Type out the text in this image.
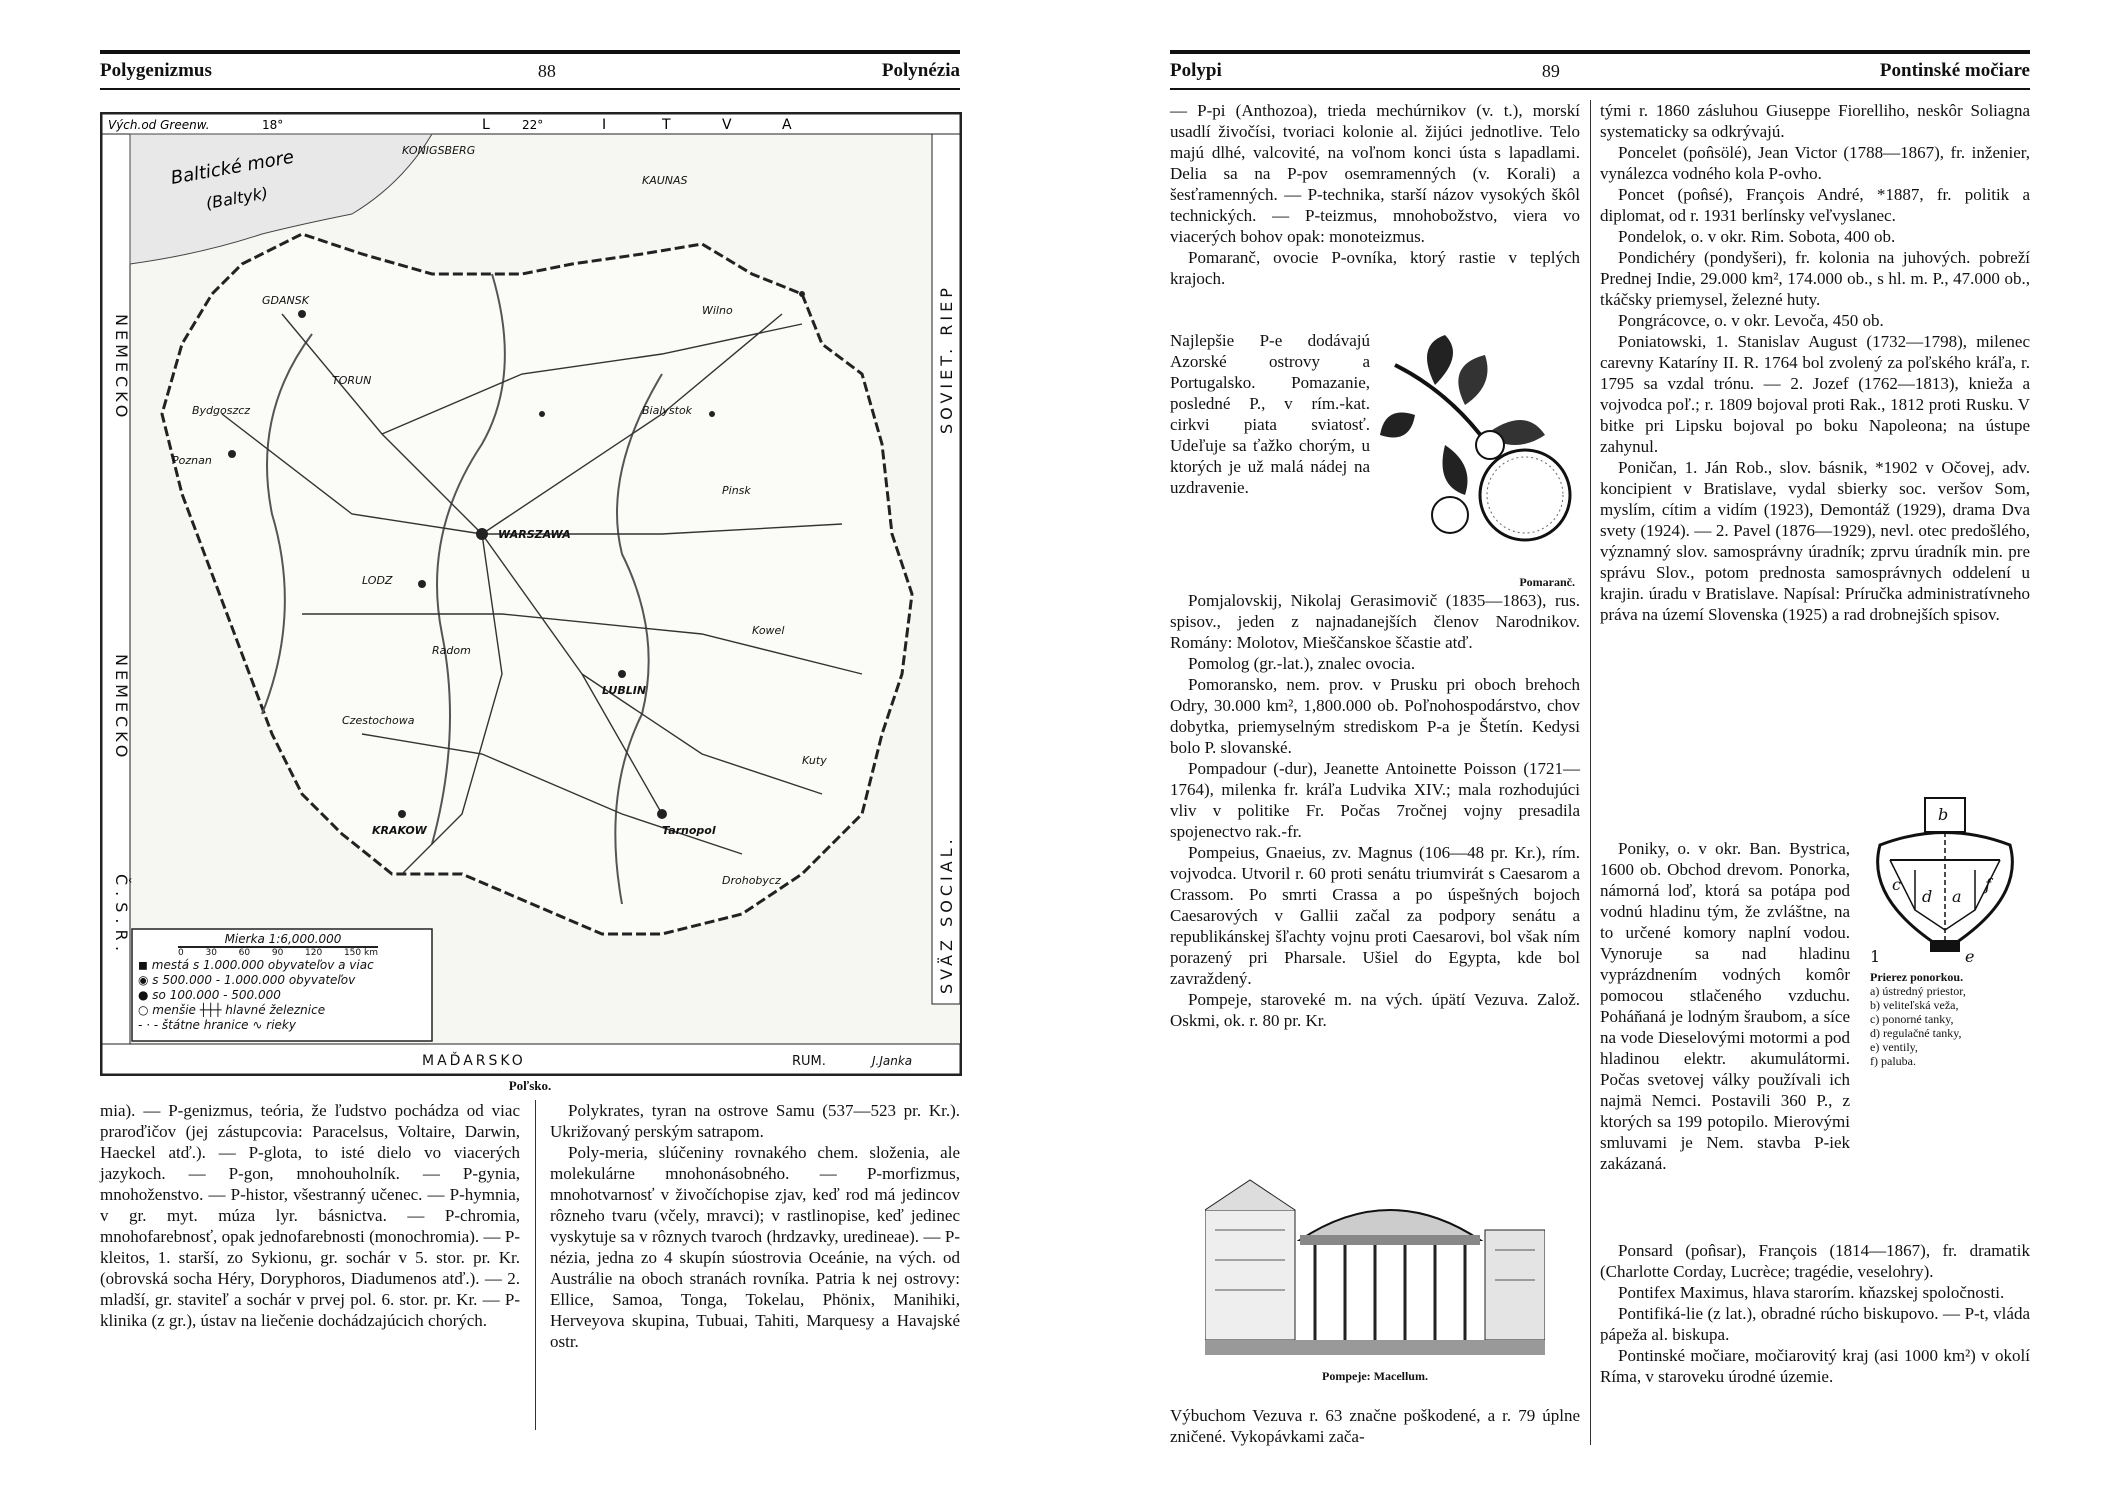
Polygenizmus	88	Polynézia
Vých.od Greenw.	18°	L	22°	I	T	V	A
Baltické more
(Baltyk)
GDANSK
WARSZAWA
TORUN
Bydgoszcz
Poznan
LODZ
Radom
Czestochowa
KRAKOW
LUBLIN
Tarnopol
Kowel
Bialystok
Wilno
KONIGSBERG
KAUNAS
Pinsk
Kuty
Drohobycz
NEMECKO
NEMECKO
SOVIET. RIEP
SVÄZ SOCIAL.
Č.S.R.
MAĎARSKO	RUM.	J.Janka
Mierka 1:6,000.000
0 30 60 90 120 150 km
◼ mestá s 1.000.000 obyvateľov a viac
◉ s 500.000 - 1.000.000 obyvateľov
● so 100.000 - 500.000
○ menšie ┼┼┼ hlavné železnice
- · - štátne hranice ∿ rieky
Poľsko.

mia). — P-genizmus, teória, že ľudstvo pochádza od viac praroďičov (jej zástupcovia: Paracelsus, Voltaire, Darwin, Haeckel atď.). — P-glota, to isté dielo vo viacerých jazykoch. — P-gon, mnohouholník. — P-gynia, mnohoženstvo. — P-histor, všestranný učenec. — P-hymnia, v gr. myt. múza lyr. básnictva. — P-chromia, mnohofarebnosť, opak jednofarebnosti (monochromia). — P-kleitos, 1. starší, zo Sykionu, gr. sochár v 5. stor. pr. Kr. (obrovská socha Héry, Doryphoros, Diadumenos atď.). — 2. mladší, gr. staviteľ a sochár v prvej pol. 6. stor. pr. Kr. — P-klinika (z gr.), ústav na liečenie dochádzajúcich chorých.

Polykrates, tyran na ostrove Samu (537—523 pr. Kr.). Ukrižovaný perským satrapom.

Poly-meria, slúčeniny rovnakého chem. složenia, ale molekulárne mnohonásobného. — P-morfizmus, mnohotvarnosť v živočíchopise zjav, keď rod má jedincov rôzneho tvaru (včely, mravci); v rastlinopise, keď jedinec vyskytuje sa v rôznych tvaroch (hrdzavky, uredineae). — P-nézia, jedna zo 4 skupín súostrovia Oceánie, na vých. od Austrálie na oboch stranách rovníka. Patria k nej ostrovy: Ellice, Samoa, Tonga, Tokelau, Phönix, Manihiki, Herveyova skupina, Tubuai, Tahiti, Marquesy a Havajské ostr.

Polypi	89	Pontinské močiare

— P-pi (Anthozoa), trieda mechúrnikov (v. t.), morskí usadlí živočísi, tvoriaci kolonie al. žijúci jednotlive. Telo majú dlhé, valcovité, na voľnom konci ústa s lapadlami. Delia sa na P-pov osemramenných (v. Korali) a šesťramenných. — P-technika, starší názov vysokých škôl technických. — P-teizmus, mnohobožstvo, viera vo viacerých bohov opak: monoteizmus.

Pomaranč, ovocie P-ovníka, ktorý rastie v teplých krajoch.

Najlepšie P-e dodávajú Azorské ostrovy a Portugalsko. Pomazanie, posledné P., v rím.-kat. cirkvi piata sviatosť. Udeľuje sa ťažko chorým, u ktorých je už malá nádej na uzdravenie.

Pomaranč.

Pomjalovskij, Nikolaj Gerasimovič (1835—1863), rus. spisov., jeden z najnadanejších členov Narodnikov. Romány: Molotov, Mieščanskoe ščastie atď.

Pomolog (gr.-lat.), znalec ovocia.

Pomoransko, nem. prov. v Prusku pri oboch brehoch Odry, 30.000 km², 1,800.000 ob. Poľnohospodárstvo, chov dobytka, priemyselným strediskom P-a je Štetín. Kedysi bolo P. slovanské.

Pompadour (-dur), Jeanette Antoinette Poisson (1721—1764), milenka fr. kráľa Ludvika XIV.; mala rozhodujúci vliv v politike Fr. Počas 7ročnej vojny presadila spojenectvo rak.-fr.

Pompeius, Gnaeius, zv. Magnus (106—48 pr. Kr.), rím. vojvodca. Utvoril r. 60 proti senátu triumvirát s Caesarom a Crassom. Po smrti Crassa a po úspešných bojoch Caesarových v Gallii začal za podpory senátu a republikánskej šľachty vojnu proti Caesarovi, bol však ním porazený pri Pharsale. Ušiel do Egypta, kde bol zavraždený.

Pompeje, staroveké m. na vých. úpätí Vezuva. Založ. Oskmi, ok. r. 80 pr. Kr.

Pompeje: Macellum.

Výbuchom Vezuva r. 63 značne poškodené, a r. 79 úplne zničené. Vykopávkami zača-

tými r. 1860 zásluhou Giuseppe Fiorelliho, neskôr Soliagna systematicky sa odkrývajú.

Poncelet (pon̂sölé), Jean Victor (1788—1867), fr. inženier, vynálezca vodného kola P-ovho.

Poncet (pon̂sé), François André, *1887, fr. politik a diplomat, od r. 1931 berlínsky veľvyslanec.

Pondelok, o. v okr. Rim. Sobota, 400 ob.

Pondichéry (pondyšeri), fr. kolonia na juhových. pobreží Prednej Indie, 29.000 km², 174.000 ob., s hl. m. P., 47.000 ob., tkáčsky priemysel, železné huty.

Pongrácovce, o. v okr. Levoča, 450 ob.

Poniatowski, 1. Stanislav August (1732—1798), milenec carevny Kataríny II. R. 1764 bol zvolený za poľského kráľa, r. 1795 sa vzdal trónu. — 2. Jozef (1762—1813), knieža a vojvodca poľ.; r. 1809 bojoval proti Rak., 1812 proti Rusku. V bitke pri Lipsku bojoval po boku Napoleona; na ústupe zahynul.

Poničan, 1. Ján Rob., slov. básnik, *1902 v Očovej, adv. koncipient v Bratislave, vydal sbierky soc. veršov Som, myslím, cítim a vidím (1923), Demontáž (1929), drama Dva svety (1924). — 2. Pavel (1876—1929), nevl. otec predošlého, významný slov. samosprávny úradník; zprvu úradník min. pre správu Slov., potom prednosta samosprávnych oddelení u krajin. úradu v Bratislave. Napísal: Príručka administratívneho práva na území Slovenska (1925) a rad drobnejších spisov.

Poniky, o. v okr. Ban. Bystrica, 1600 ob. Obchod drevom. Ponorka, námorná loď, ktorá sa potápa pod vodnú hladinu tým, že zvláštne, na to určené komory naplní vodou. Vynoruje sa nad hladinu vyprázdnením vodných komôr pomocou stlačeného vzduchu. Poháňaná je lodným šraubom, a síce na vode Dieselovými motormi a pod hladinou elektr. akumulátormi. Počas svetovej války používali ich najmä Nemci. Postavili 360 P., z ktorých sa 199 potopilo. Mierovými smluvami je Nem. stavba P-iek zakázaná.

b
c
d
f
a
1	e
Prierez ponorkou.
a) ústredný priestor,
b) veliteľská veža,
c) ponorné tanky,
d) regulačné tanky,
e) ventily,
f) paluba.

Ponsard (pon̂sar), François (1814—1867), fr. dramatik (Charlotte Corday, Lucrèce; tragédie, veselohry).

Pontifex Maximus, hlava starorím. kňazskej spoločnosti.

Pontifiká-lie (z lat.), obradné rúcho biskupovo. — P-t, vláda pápeža al. biskupa.

Pontinské močiare, močiarovitý kraj (asi 1000 km²) v okolí Ríma, v staroveku úrodné územie.
